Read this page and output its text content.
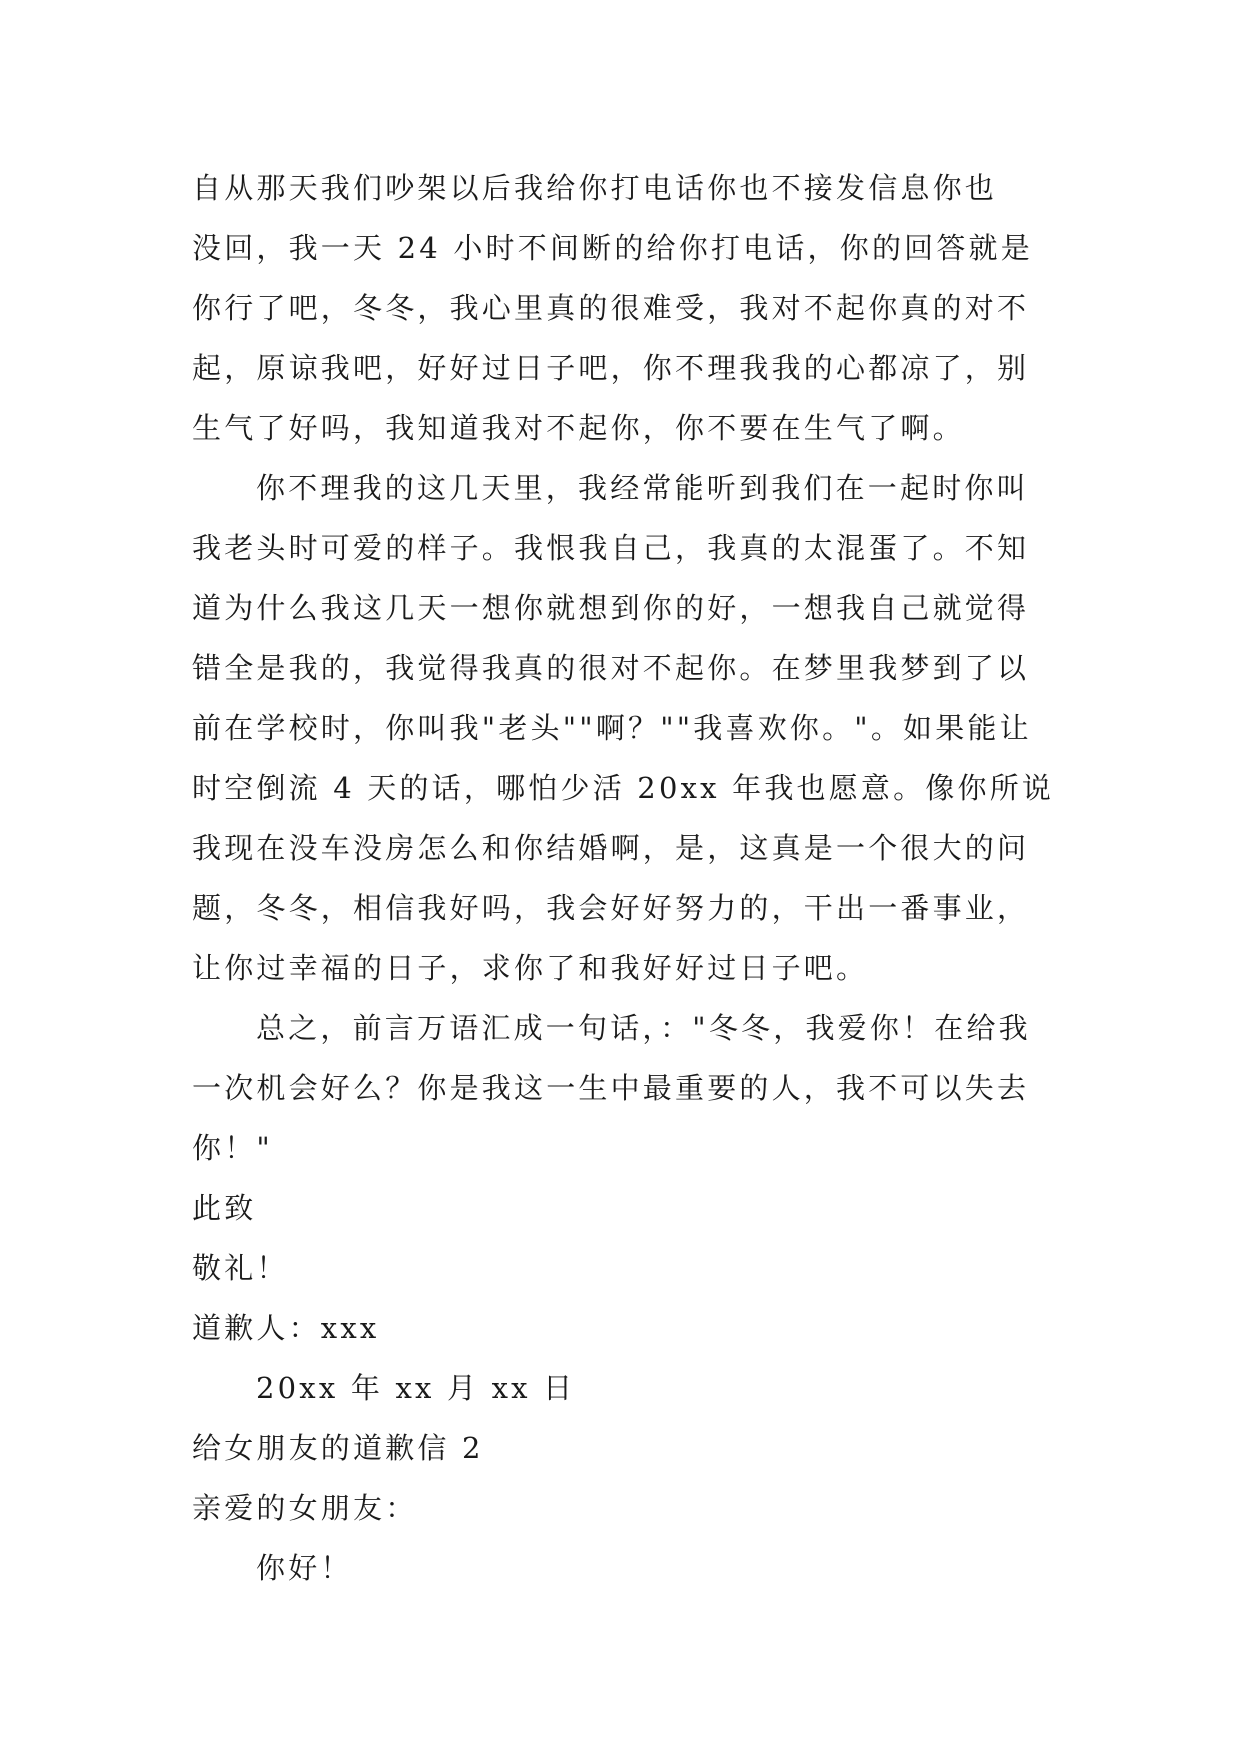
自从那天我们吵架以后我给你打电话你也不接发信息你也
没回，我一天 24 小时不间断的给你打电话，你的回答就是
你行了吧，冬冬，我心里真的很难受，我对不起你真的对不
起，原谅我吧，好好过日子吧，你不理我我的心都凉了，别
生气了好吗，我知道我对不起你，你不要在生气了啊。
你不理我的这几天里，我经常能听到我们在一起时你叫
我老头时可爱的样子。我恨我自己，我真的太混蛋了。不知
道为什么我这几天一想你就想到你的好，一想我自己就觉得
错全是我的，我觉得我真的很对不起你。在梦里我梦到了以
前在学校时，你叫我"老头""啊？""我喜欢你。"。如果能让
时空倒流 4 天的话，哪怕少活 20xx 年我也愿意。像你所说
我现在没车没房怎么和你结婚啊，是，这真是一个很大的问
题，冬冬，相信我好吗，我会好好努力的，干出一番事业，
让你过幸福的日子，求你了和我好好过日子吧。
总之，前言万语汇成一句话，："冬冬，我爱你！在给我
一次机会好么？你是我这一生中最重要的人，我不可以失去
你！"
此致
敬礼！
道歉人：xxx
20xx 年 xx 月 xx 日
给女朋友的道歉信 2
亲爱的女朋友：
你好！
